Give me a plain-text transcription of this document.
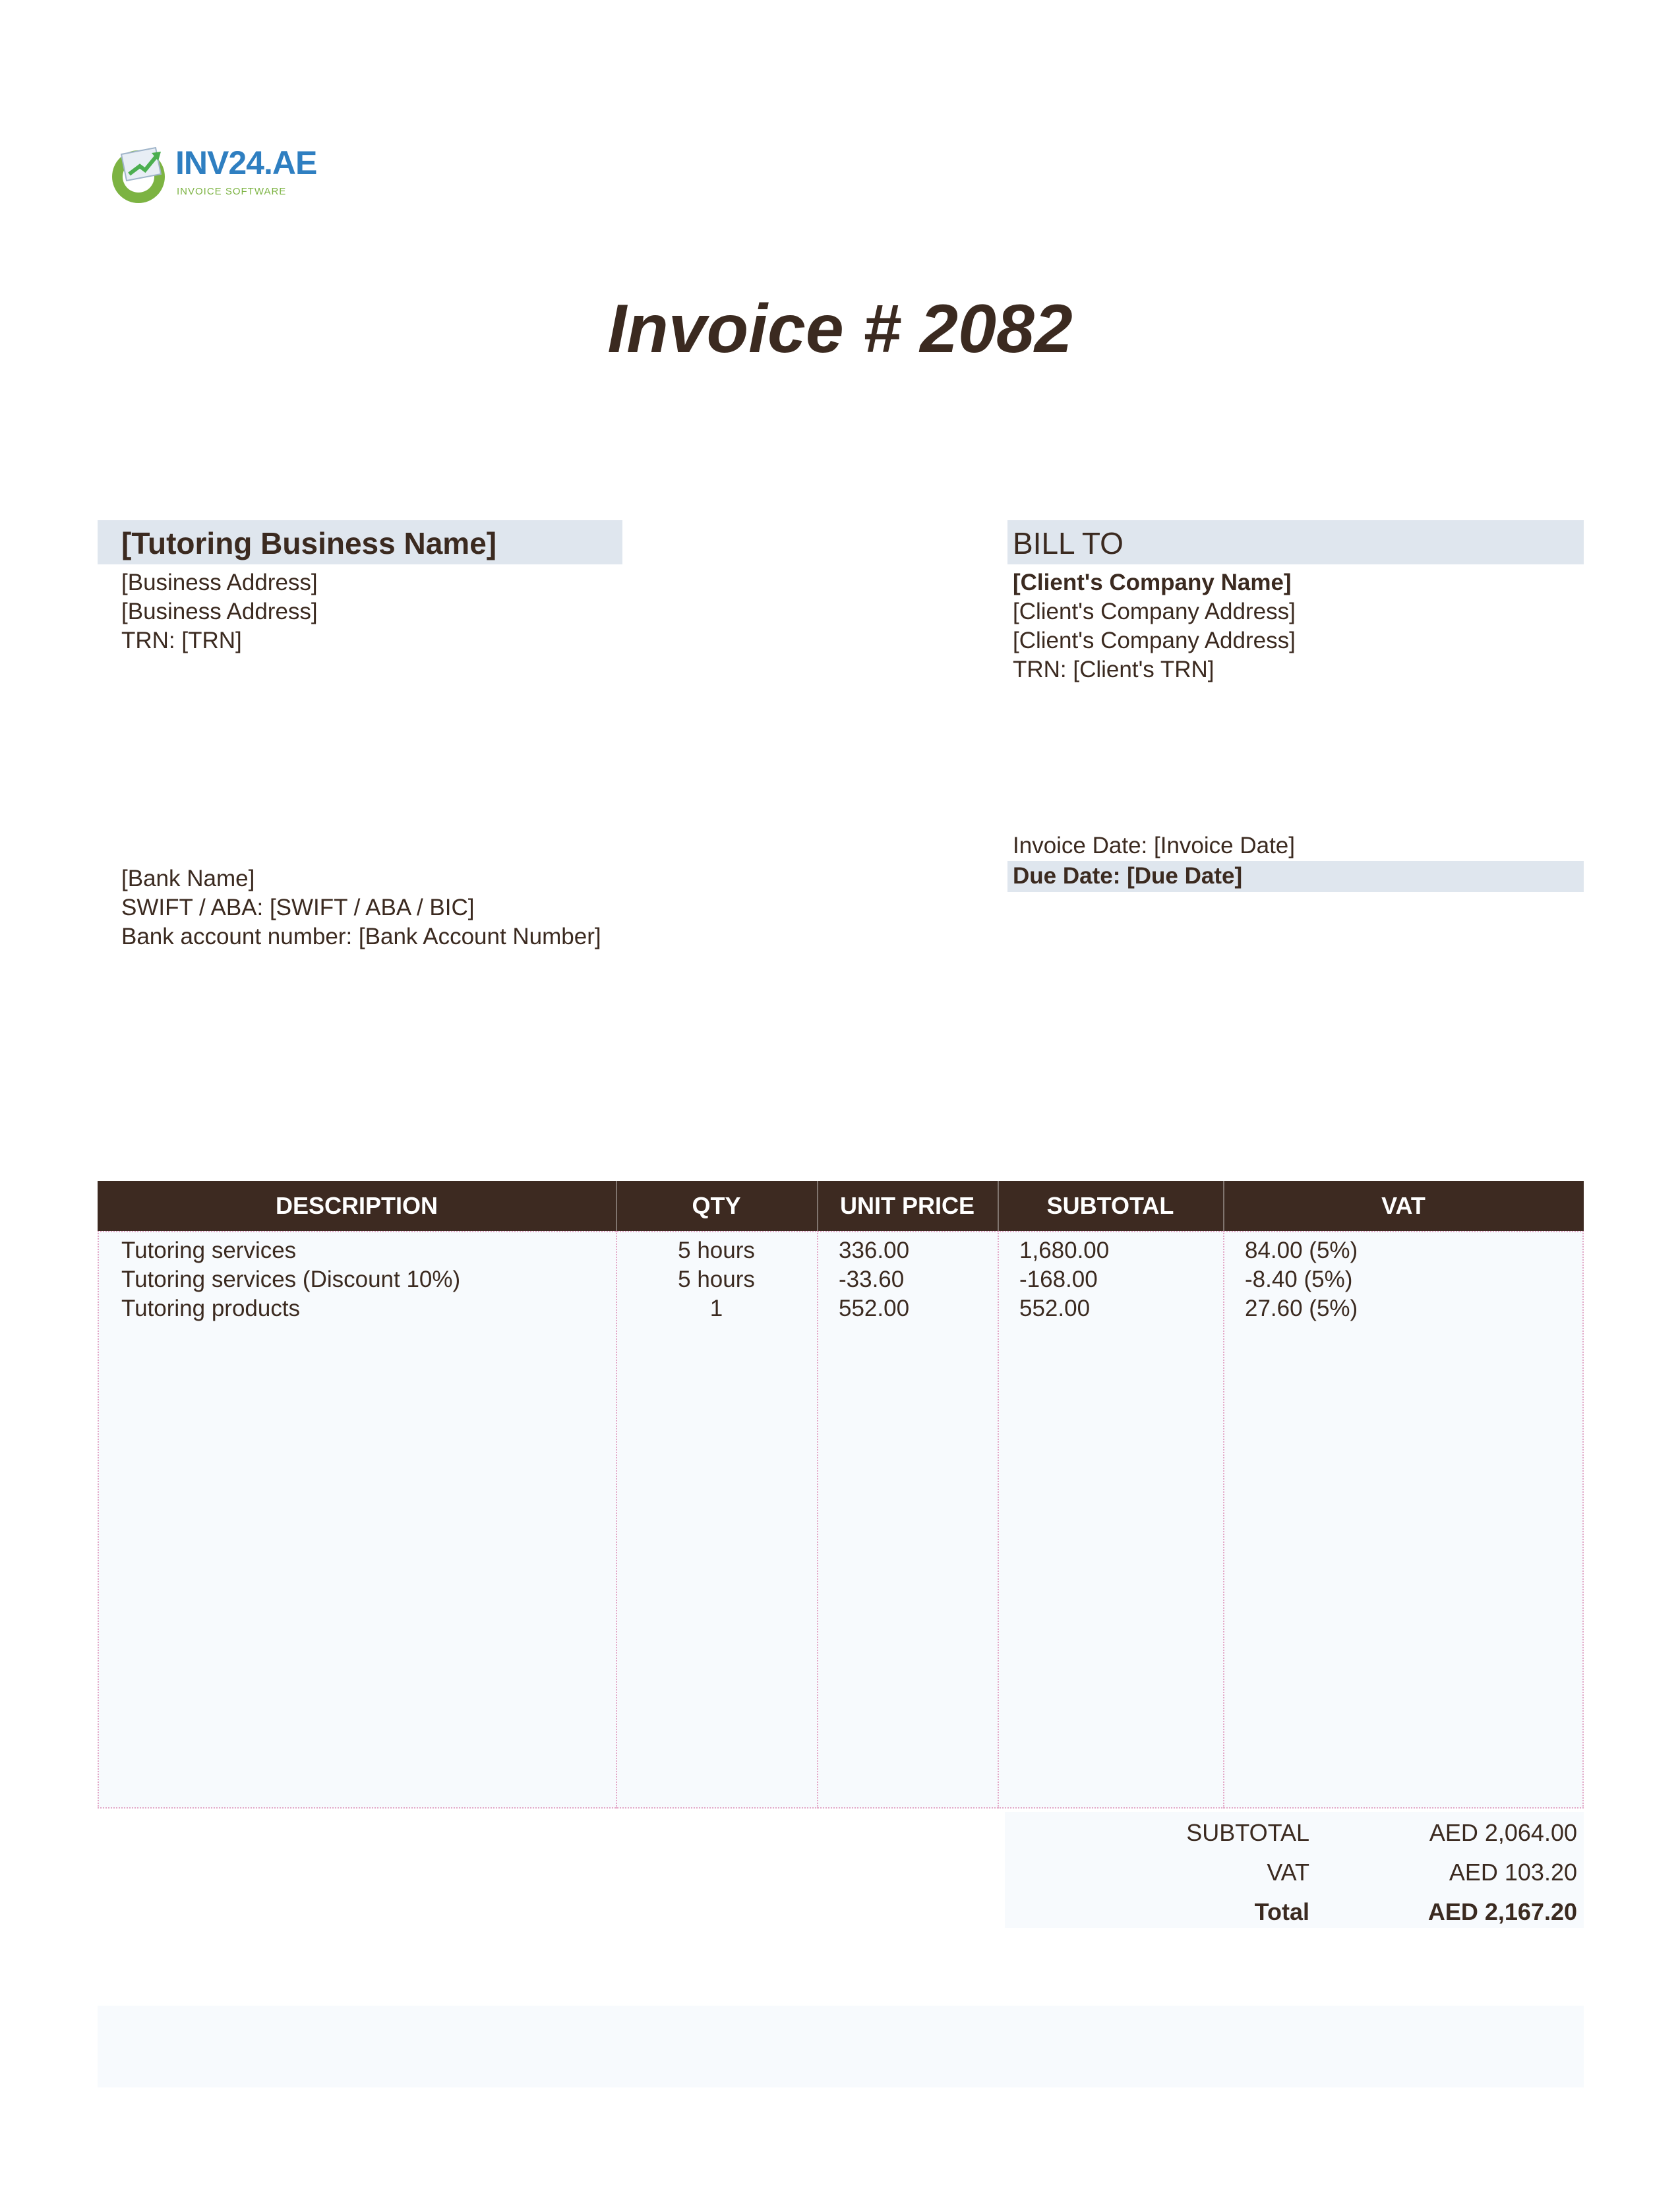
INV24.AE
INVOICE SOFTWARE
Invoice # 2082
[Tutoring Business Name]
[Business Address]
[Business Address]
TRN: [TRN]
BILL TO
[Client's Company Name]
[Client's Company Address]
[Client's Company Address]
TRN: [Client's TRN]
[Bank Name]
SWIFT / ABA: [SWIFT / ABA / BIC]
Bank account number: [Bank Account Number]
Invoice Date: [Invoice Date]
Due Date: [Due Date]
DESCRIPTION	QTY	UNIT PRICE	SUBTOTAL	VAT
Tutoring services	5 hours	336.00	1,680.00	84.00 (5%)
Tutoring services (Discount 10%)	5 hours	-33.60	-168.00	-8.40 (5%)
Tutoring products	1	552.00	552.00	27.60 (5%)
SUBTOTAL	AED 2,064.00
VAT	AED 103.20
Total	AED 2,167.20
